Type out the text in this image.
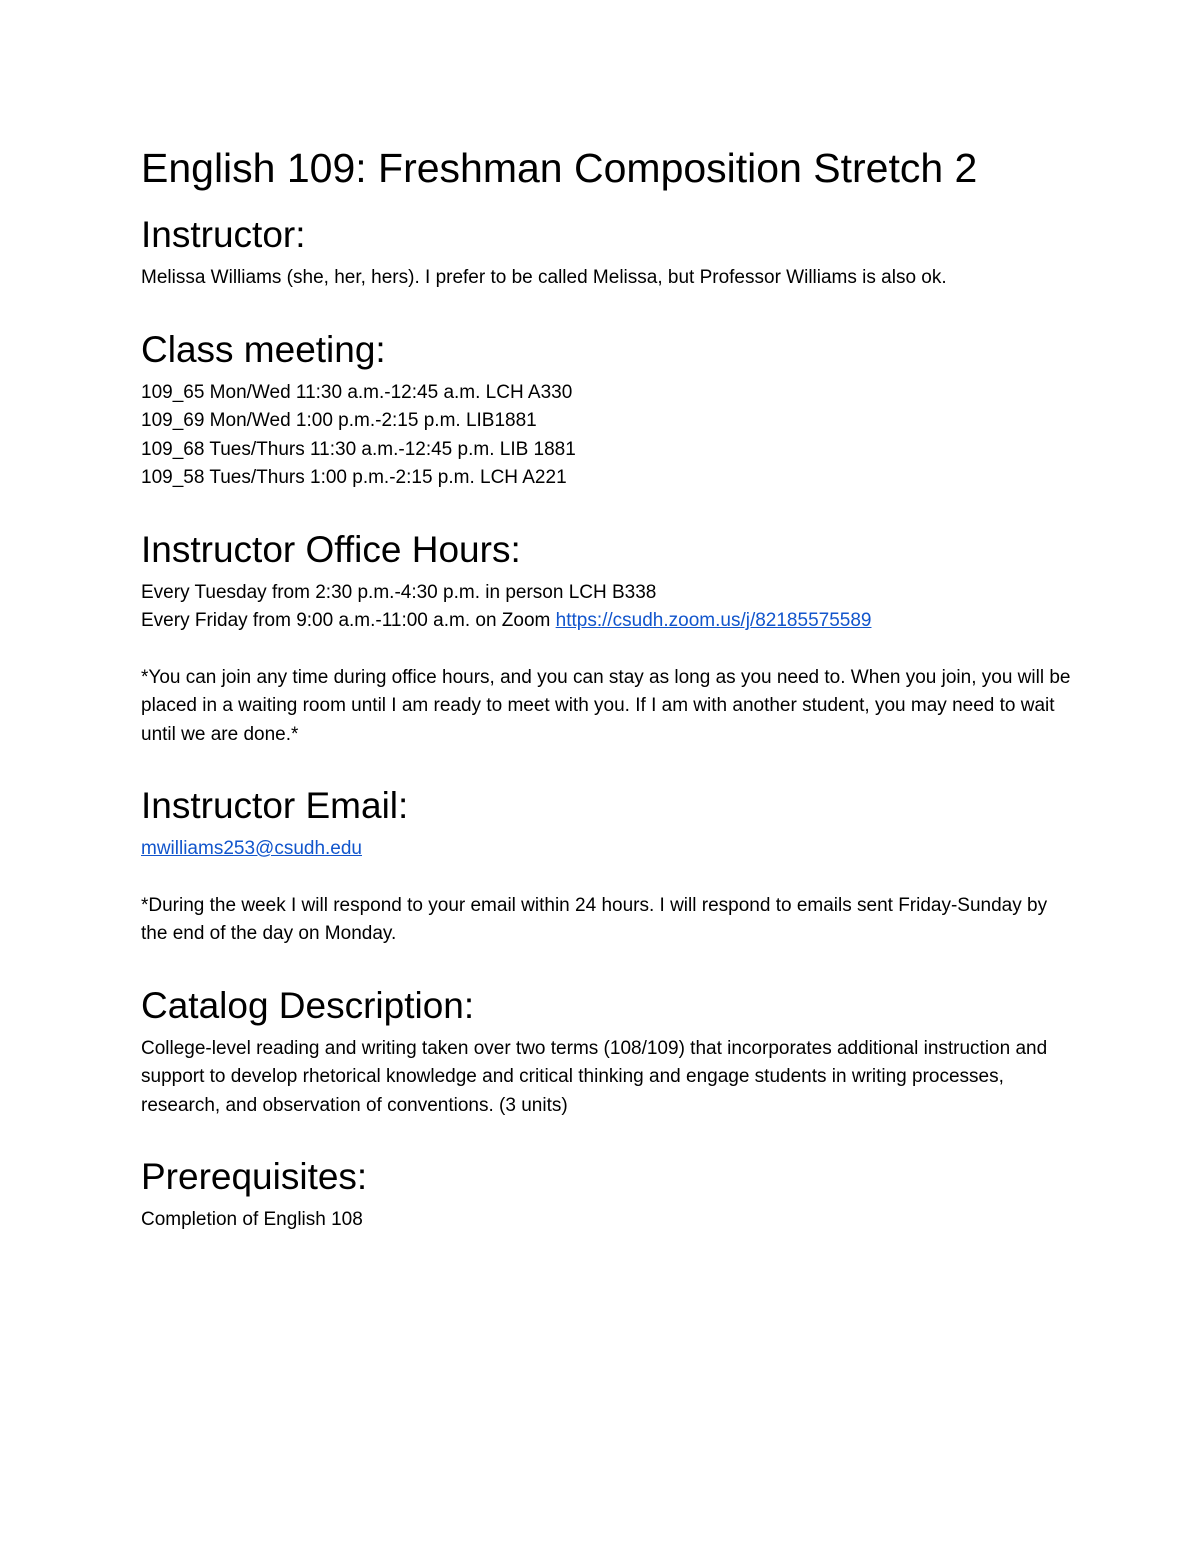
English 109: Freshman Composition Stretch 2
Instructor:

Melissa Williams (she, her, hers). I prefer to be called Melissa, but Professor Williams is also ok.

Class meeting:

109_65 Mon/Wed 11:30 a.m.-12:45 a.m. LCH A330
109_69 Mon/Wed 1:00 p.m.-2:15 p.m. LIB1881
109_68 Tues/Thurs 11:30 a.m.-12:45 p.m. LIB 1881
109_58 Tues/Thurs 1:00 p.m.-2:15 p.m. LCH A221

Instructor Office Hours:

Every Tuesday from 2:30 p.m.-4:30 p.m. in person LCH B338
Every Friday from 9:00 a.m.-11:00 a.m. on Zoom https://csudh.zoom.us/j/82185575589

*You can join any time during office hours, and you can stay as long as you need to. When you join, you will be placed in a waiting room until I am ready to meet with you. If I am with another student, you may need to wait until we are done.*

Instructor Email:

mwilliams253@csudh.edu

*During the week I will respond to your email within 24 hours. I will respond to emails sent Friday-Sunday by the end of the day on Monday.

Catalog Description:

College-level reading and writing taken over two terms (108/109) that incorporates additional instruction and support to develop rhetorical knowledge and critical thinking and engage students in writing processes, research, and observation of conventions. (3 units)

Prerequisites:

Completion of English 108
